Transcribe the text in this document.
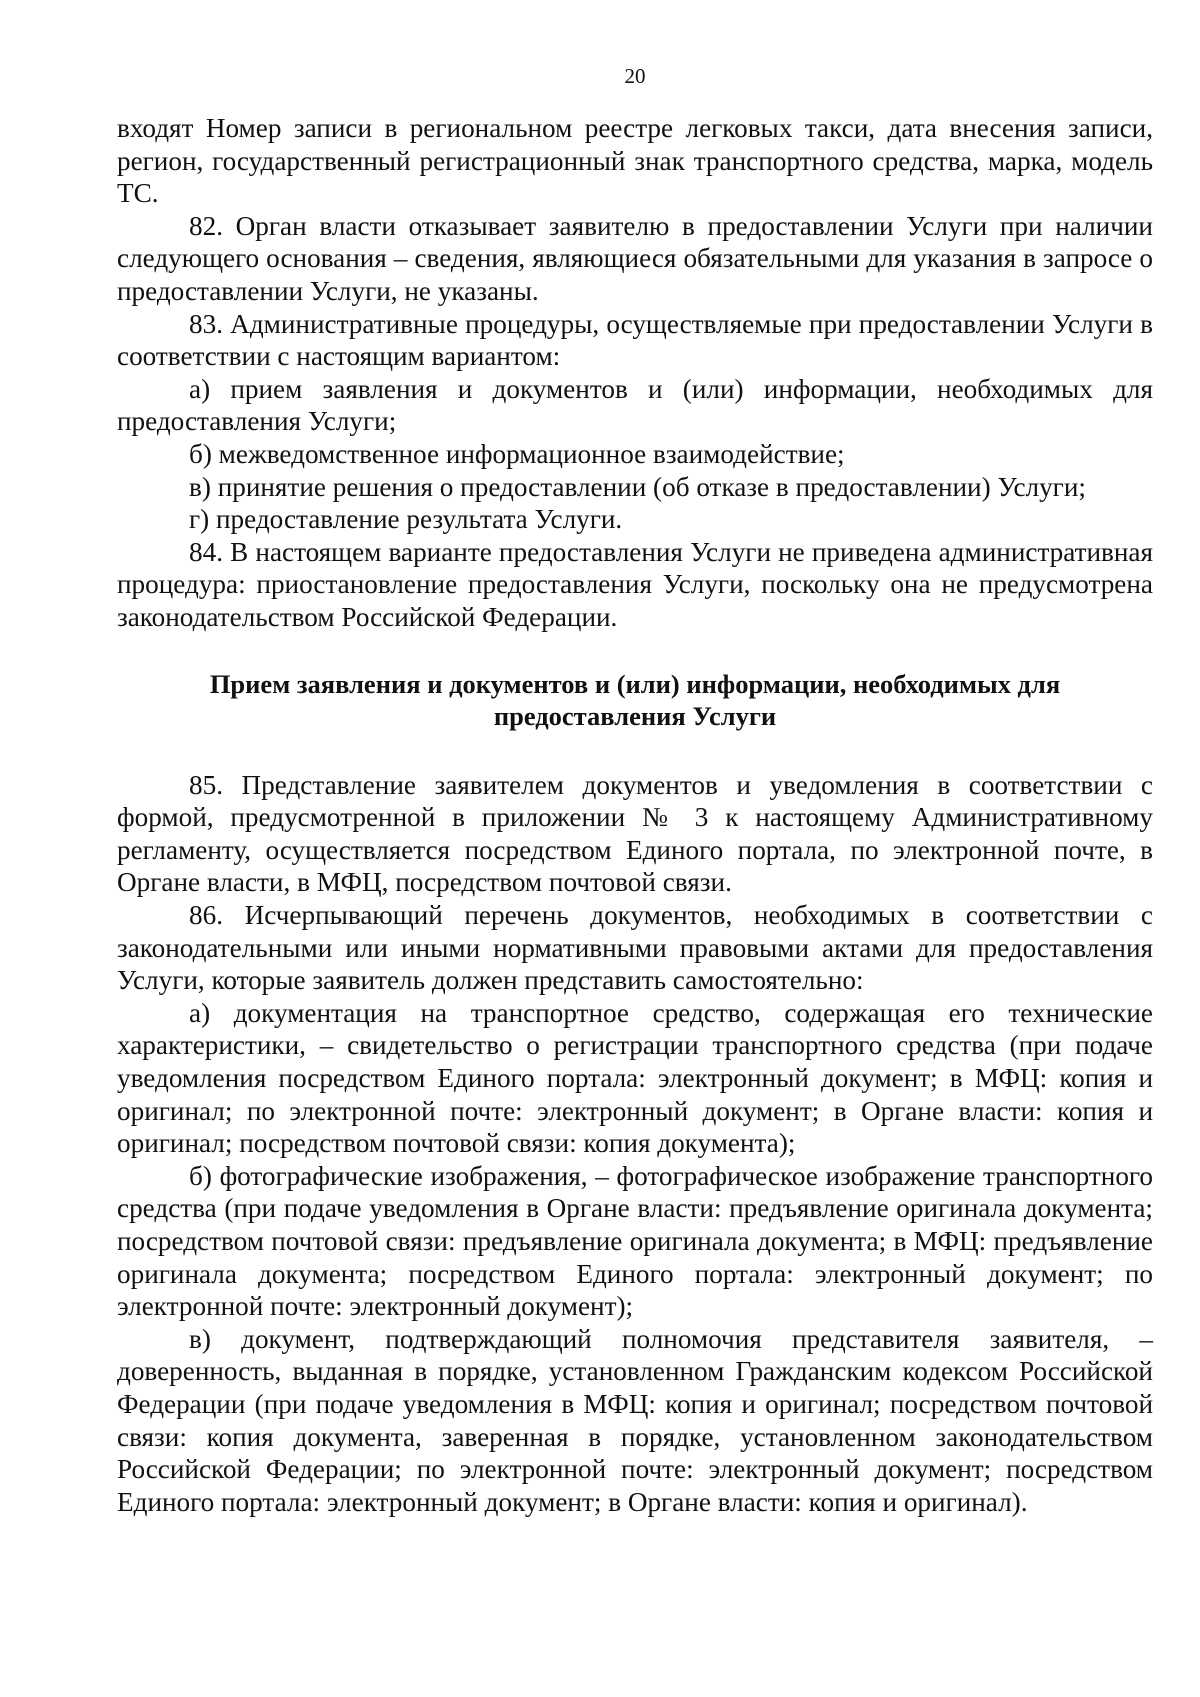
20

входят Номер записи в региональном реестре легковых такси, дата внесения записи, регион, государственный регистрационный знак транспортного средства, марка, модель ТС.

82. Орган власти отказывает заявителю в предоставлении Услуги при наличии следующего основания – сведения, являющиеся обязательными для указания в запросе о предоставлении Услуги, не указаны.

83. Административные процедуры, осуществляемые при предоставлении Услуги в соответствии с настоящим вариантом:

а) прием заявления и документов и (или) информации, необходимых для предоставления Услуги;

б) межведомственное информационное взаимодействие;

в) принятие решения о предоставлении (об отказе в предоставлении) Услуги;

г) предоставление результата Услуги.

84. В настоящем варианте предоставления Услуги не приведена административная процедура: приостановление предоставления Услуги, поскольку она не предусмотрена законодательством Российской Федерации.

Прием заявления и документов и (или) информации, необходимых для предоставления Услуги

85. Представление заявителем документов и уведомления в соответствии с формой, предусмотренной в приложении № 3 к настоящему Административному регламенту, осуществляется посредством Единого портала, по электронной почте, в Органе власти, в МФЦ, посредством почтовой связи.

86. Исчерпывающий перечень документов, необходимых в соответствии с законодательными или иными нормативными правовыми актами для предоставления Услуги, которые заявитель должен представить самостоятельно:

а) документация на транспортное средство, содержащая его технические характеристики, – свидетельство о регистрации транспортного средства (при подаче уведомления посредством Единого портала: электронный документ; в МФЦ: копия и оригинал; по электронной почте: электронный документ; в Органе власти: копия и оригинал; посредством почтовой связи: копия документа);

б) фотографические изображения, – фотографическое изображение транспортного средства (при подаче уведомления в Органе власти: предъявление оригинала документа; посредством почтовой связи: предъявление оригинала документа; в МФЦ: предъявление оригинала документа; посредством Единого портала: электронный документ; по электронной почте: электронный документ);

в) документ, подтверждающий полномочия представителя заявителя, – доверенность, выданная в порядке, установленном Гражданским кодексом Российской Федерации (при подаче уведомления в МФЦ: копия и оригинал; посредством почтовой связи: копия документа, заверенная в порядке, установленном законодательством Российской Федерации; по электронной почте: электронный документ; посредством Единого портала: электронный документ; в Органе власти: копия и оригинал).
